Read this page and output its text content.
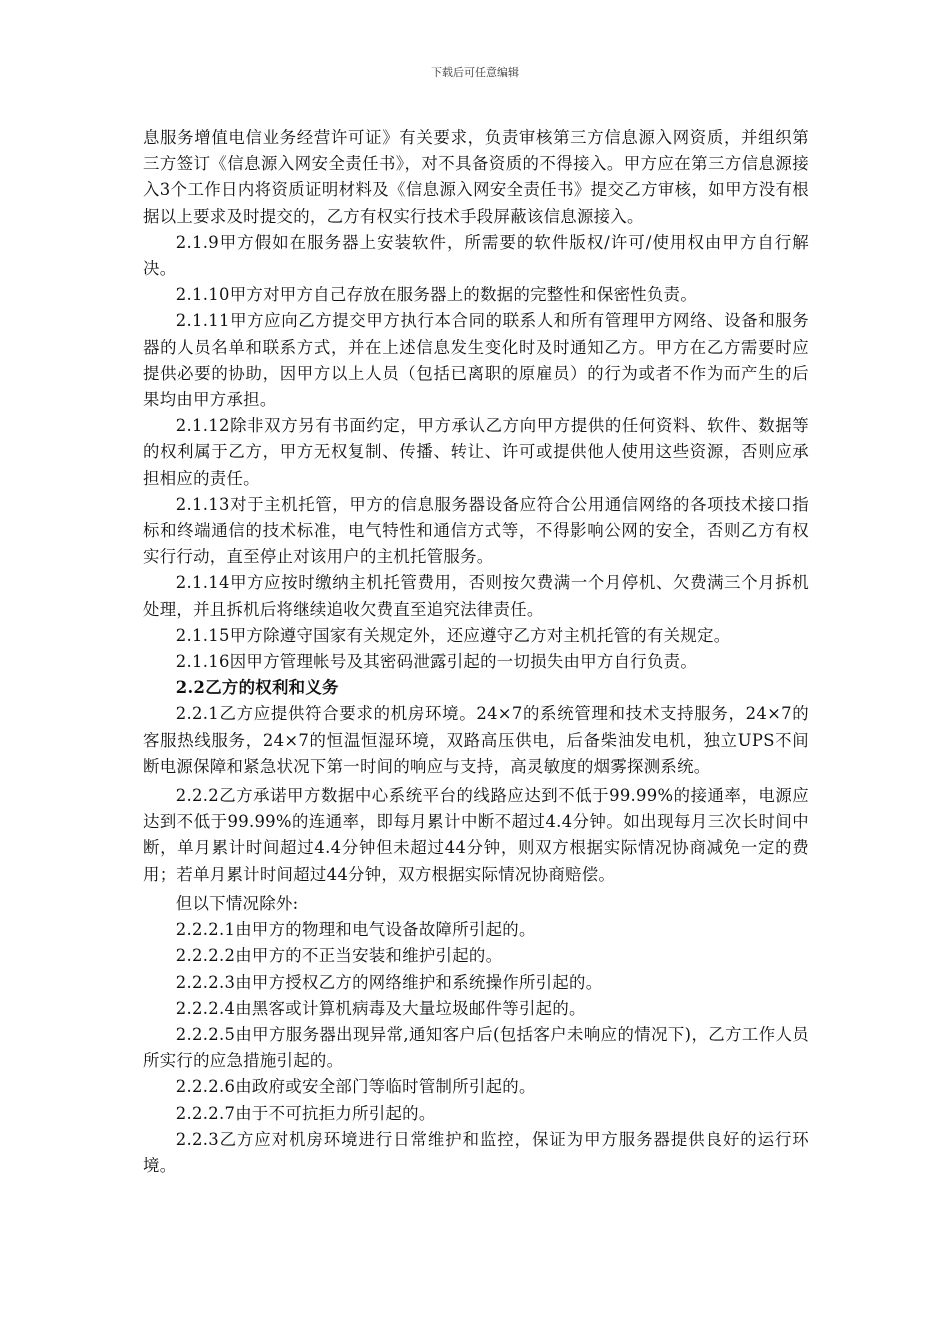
下载后可任意编辑

息服务增值电信业务经营许可证》有关要求，负责审核第三方信息源入网资质，并组织第三方签订《信息源入网安全责任书》，对不具备资质的不得接入。甲方应在第三方信息源接入3个工作日内将资质证明材料及《信息源入网安全责任书》提交乙方审核，如甲方没有根据以上要求及时提交的，乙方有权实行技术手段屏蔽该信息源接入。

2.1.9甲方假如在服务器上安装软件，所需要的软件版权/许可/使用权由甲方自行解决。

2.1.10甲方对甲方自己存放在服务器上的数据的完整性和保密性负责。

2.1.11甲方应向乙方提交甲方执行本合同的联系人和所有管理甲方网络、设备和服务器的人员名单和联系方式，并在上述信息发生变化时及时通知乙方。甲方在乙方需要时应提供必要的协助，因甲方以上人员（包括已离职的原雇员）的行为或者不作为而产生的后果均由甲方承担。

2.1.12除非双方另有书面约定，甲方承认乙方向甲方提供的任何资料、软件、数据等的权利属于乙方，甲方无权复制、传播、转让、许可或提供他人使用这些资源，否则应承担相应的责任。

2.1.13对于主机托管，甲方的信息服务器设备应符合公用通信网络的各项技术接口指标和终端通信的技术标准，电气特性和通信方式等，不得影响公网的安全，否则乙方有权实行行动，直至停止对该用户的主机托管服务。

2.1.14甲方应按时缴纳主机托管费用，否则按欠费满一个月停机、欠费满三个月拆机处理，并且拆机后将继续追收欠费直至追究法律责任。

2.1.15甲方除遵守国家有关规定外，还应遵守乙方对主机托管的有关规定。

2.1.16因甲方管理帐号及其密码泄露引起的一切损失由甲方自行负责。

2.2乙方的权利和义务

2.2.1乙方应提供符合要求的机房环境。24×7的系统管理和技术支持服务，24×7的客服热线服务，24×7的恒温恒湿环境，双路高压供电，后备柴油发电机，独立UPS不间断电源保障和紧急状况下第一时间的响应与支持，高灵敏度的烟雾探测系统。

2.2.2乙方承诺甲方数据中心系统平台的线路应达到不低于99.99%的接通率，电源应达到不低于99.99%的连通率，即每月累计中断不超过4.4分钟。如出现每月三次长时间中断，单月累计时间超过4.4分钟但未超过44分钟，则双方根据实际情况协商减免一定的费用；若单月累计时间超过44分钟，双方根据实际情况协商赔偿。

但以下情况除外:

2.2.2.1由甲方的物理和电气设备故障所引起的。

2.2.2.2由甲方的不正当安装和维护引起的。

2.2.2.3由甲方授权乙方的网络维护和系统操作所引起的。

2.2.2.4由黑客或计算机病毒及大量垃圾邮件等引起的。

2.2.2.5由甲方服务器出现异常,通知客户后(包括客户未响应的情况下)，乙方工作人员所实行的应急措施引起的。

2.2.2.6由政府或安全部门等临时管制所引起的。

2.2.2.7由于不可抗拒力所引起的。

2.2.3乙方应对机房环境进行日常维护和监控，保证为甲方服务器提供良好的运行环境。
